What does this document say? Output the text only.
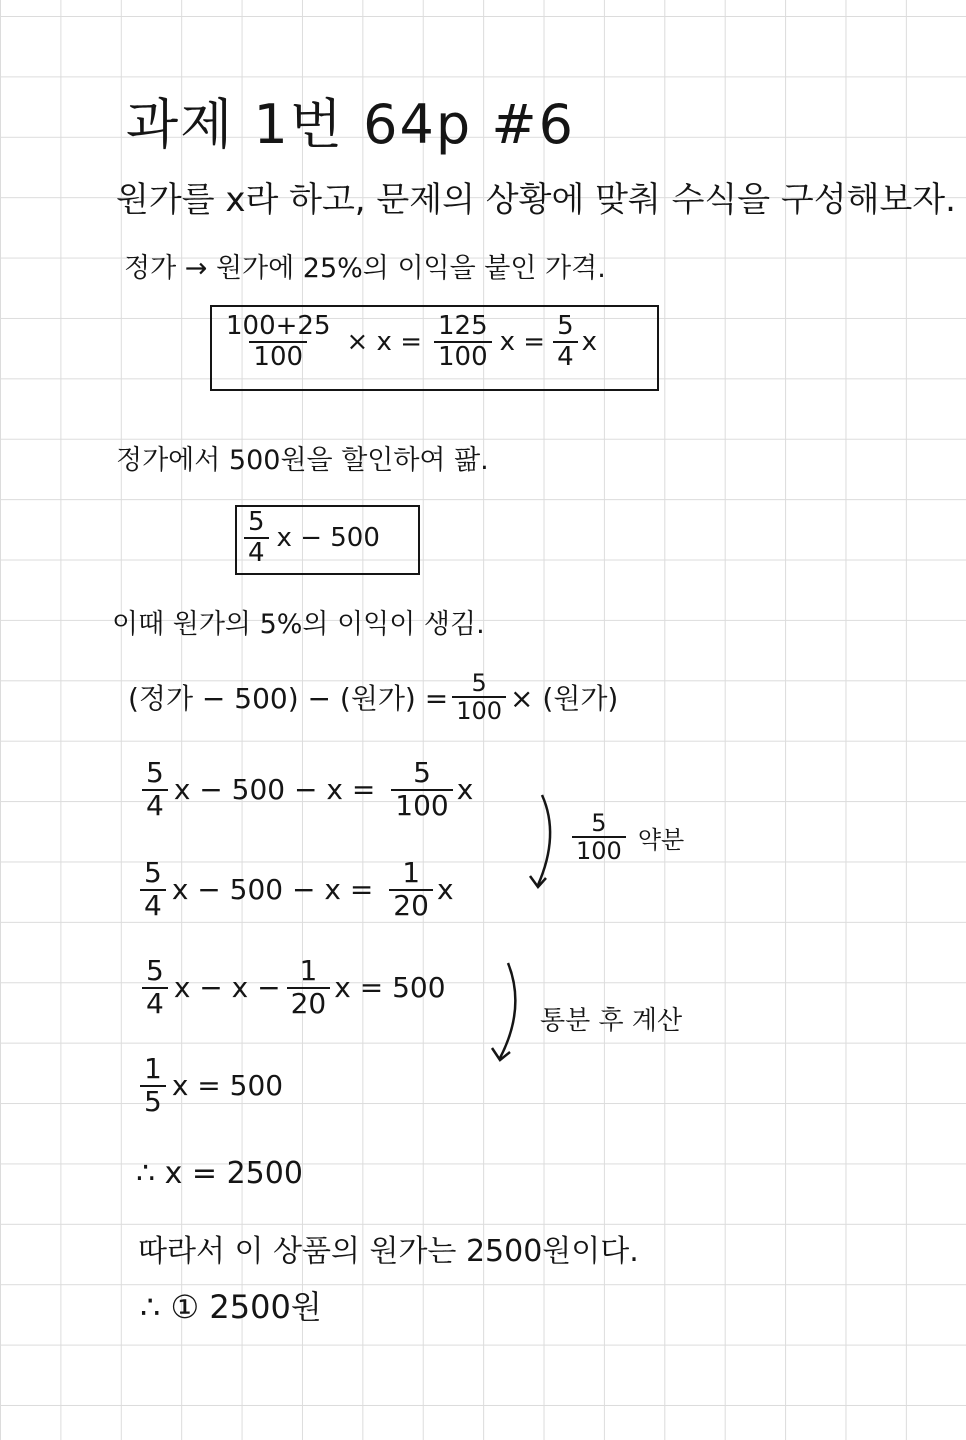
과제 1번 64p #6
원가를 x라 하고, 문제의 상황에 맞춰 수식을 구성해보자.
정가 → 원가에 25%의 이익을 붙인 가격.
$\frac{100+25}{100} \times x = \frac{125}{100}$ $x = \frac{5}{4}$ x
정가에서 500원을 할인하여 팖.
$\frac{5}{4}$ x − 500
이때 원가의 5%의 이익이 생김.
(정가 − 500) − (원가) = $\frac{5}{100}$ × (원가)
$\frac{5}{4}$ $x - 500 - x = \frac{5}{100}$ x
$\frac{5}{100}$ 약분
$\frac{5}{4}$ $x - 500 - x = \frac{1}{20}$ x
$\frac{5}{4}$ $x - x - \frac{1}{20}$ x = 500
통분 후 계산
$\frac{1}{5}$ x = 500
∴ x = 2500
따라서 이 상품의 원가는 2500원이다.
∴ ① 2500원
